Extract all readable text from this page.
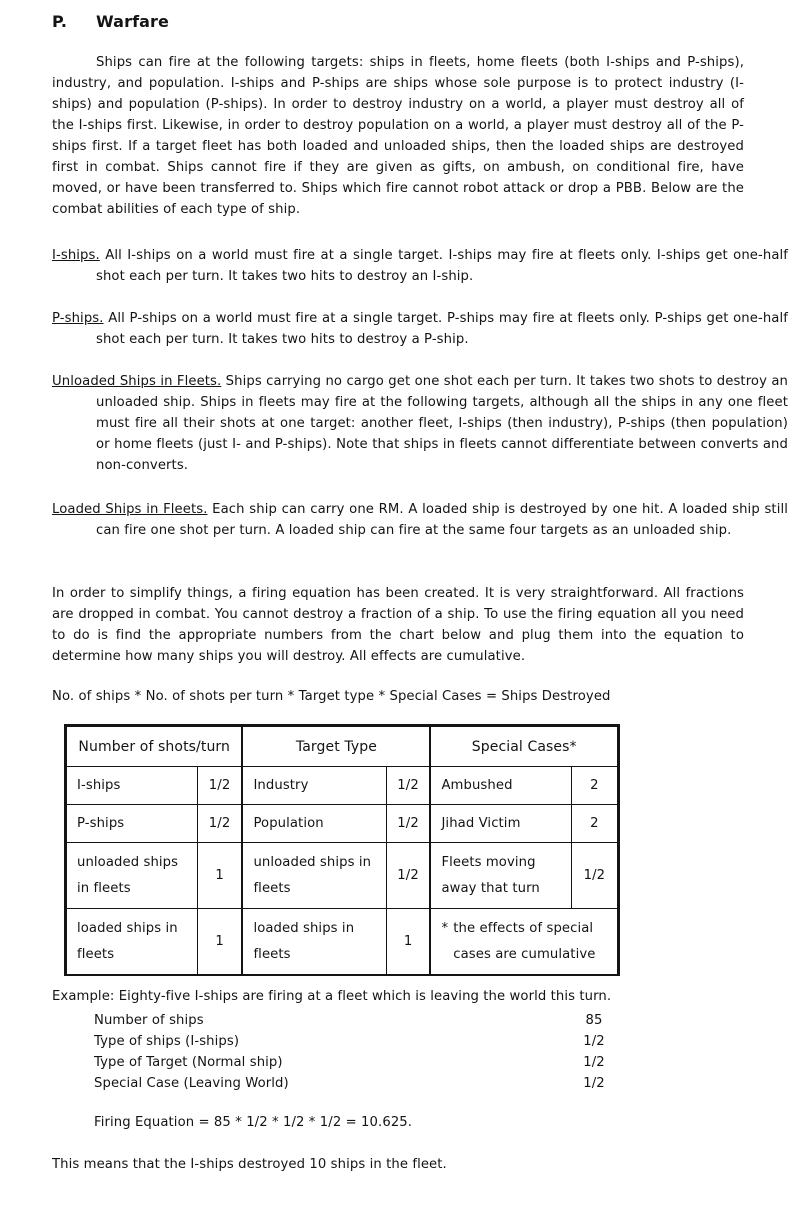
P. Warfare

Ships can fire at the following targets: ships in fleets, home fleets (both I-ships and P-ships), industry, and population. I-ships and P-ships are ships whose sole purpose is to protect industry (I-ships) and population (P-ships). In order to destroy industry on a world, a player must destroy all of the I-ships first. Likewise, in order to destroy population on a world, a player must destroy all of the P-ships first. If a target fleet has both loaded and unloaded ships, then the loaded ships are destroyed first in combat. Ships cannot fire if they are given as gifts, on ambush, on conditional fire, have moved, or have been transferred to. Ships which fire cannot robot attack or drop a PBB. Below are the combat abilities of each type of ship.

I-ships. All I-ships on a world must fire at a single target. I-ships may fire at fleets only. I-ships get one-half shot each per turn. It takes two hits to destroy an I-ship.

P-ships. All P-ships on a world must fire at a single target. P-ships may fire at fleets only. P-ships get one-half shot each per turn. It takes two hits to destroy a P-ship.

Unloaded Ships in Fleets. Ships carrying no cargo get one shot each per turn. It takes two shots to destroy an unloaded ship. Ships in fleets may fire at the following targets, although all the ships in any one fleet must fire all their shots at one target: another fleet, I-ships (then industry), P-ships (then population) or home fleets (just I- and P-ships). Note that ships in fleets cannot differentiate between converts and non-converts.

Loaded Ships in Fleets. Each ship can carry one RM. A loaded ship is destroyed by one hit. A loaded ship still can fire one shot per turn. A loaded ship can fire at the same four targets as an unloaded ship.

In order to simplify things, a firing equation has been created. It is very straightforward. All fractions are dropped in combat. You cannot destroy a fraction of a ship. To use the firing equation all you need to do is find the appropriate numbers from the chart below and plug them into the equation to determine how many ships you will destroy. All effects are cumulative.

No. of ships * No. of shots per turn * Target type * Special Cases = Ships Destroyed
Number of shots/turn		Target Type		Special Cases*	
I-ships	1/2	Industry	1/2	Ambushed	2
P-ships	1/2	Population	1/2	Jihad Victim	2
unloaded ships in fleets	1	unloaded ships in fleets	1/2	Fleets moving away that turn	1/2
loaded ships in fleets	1	loaded ships in fleets	1	* the effects of special cases are cumulative	
Example: Eighty-five I-ships are firing at a fleet which is leaving the world this turn.
Number of ships	85
Type of ships (I-ships)	1/2
Type of Target (Normal ship)	1/2
Special Case (Leaving World)	1/2
Firing Equation = 85 * 1/2 * 1/2 * 1/2 = 10.625.
This means that the I-ships destroyed 10 ships in the fleet.
